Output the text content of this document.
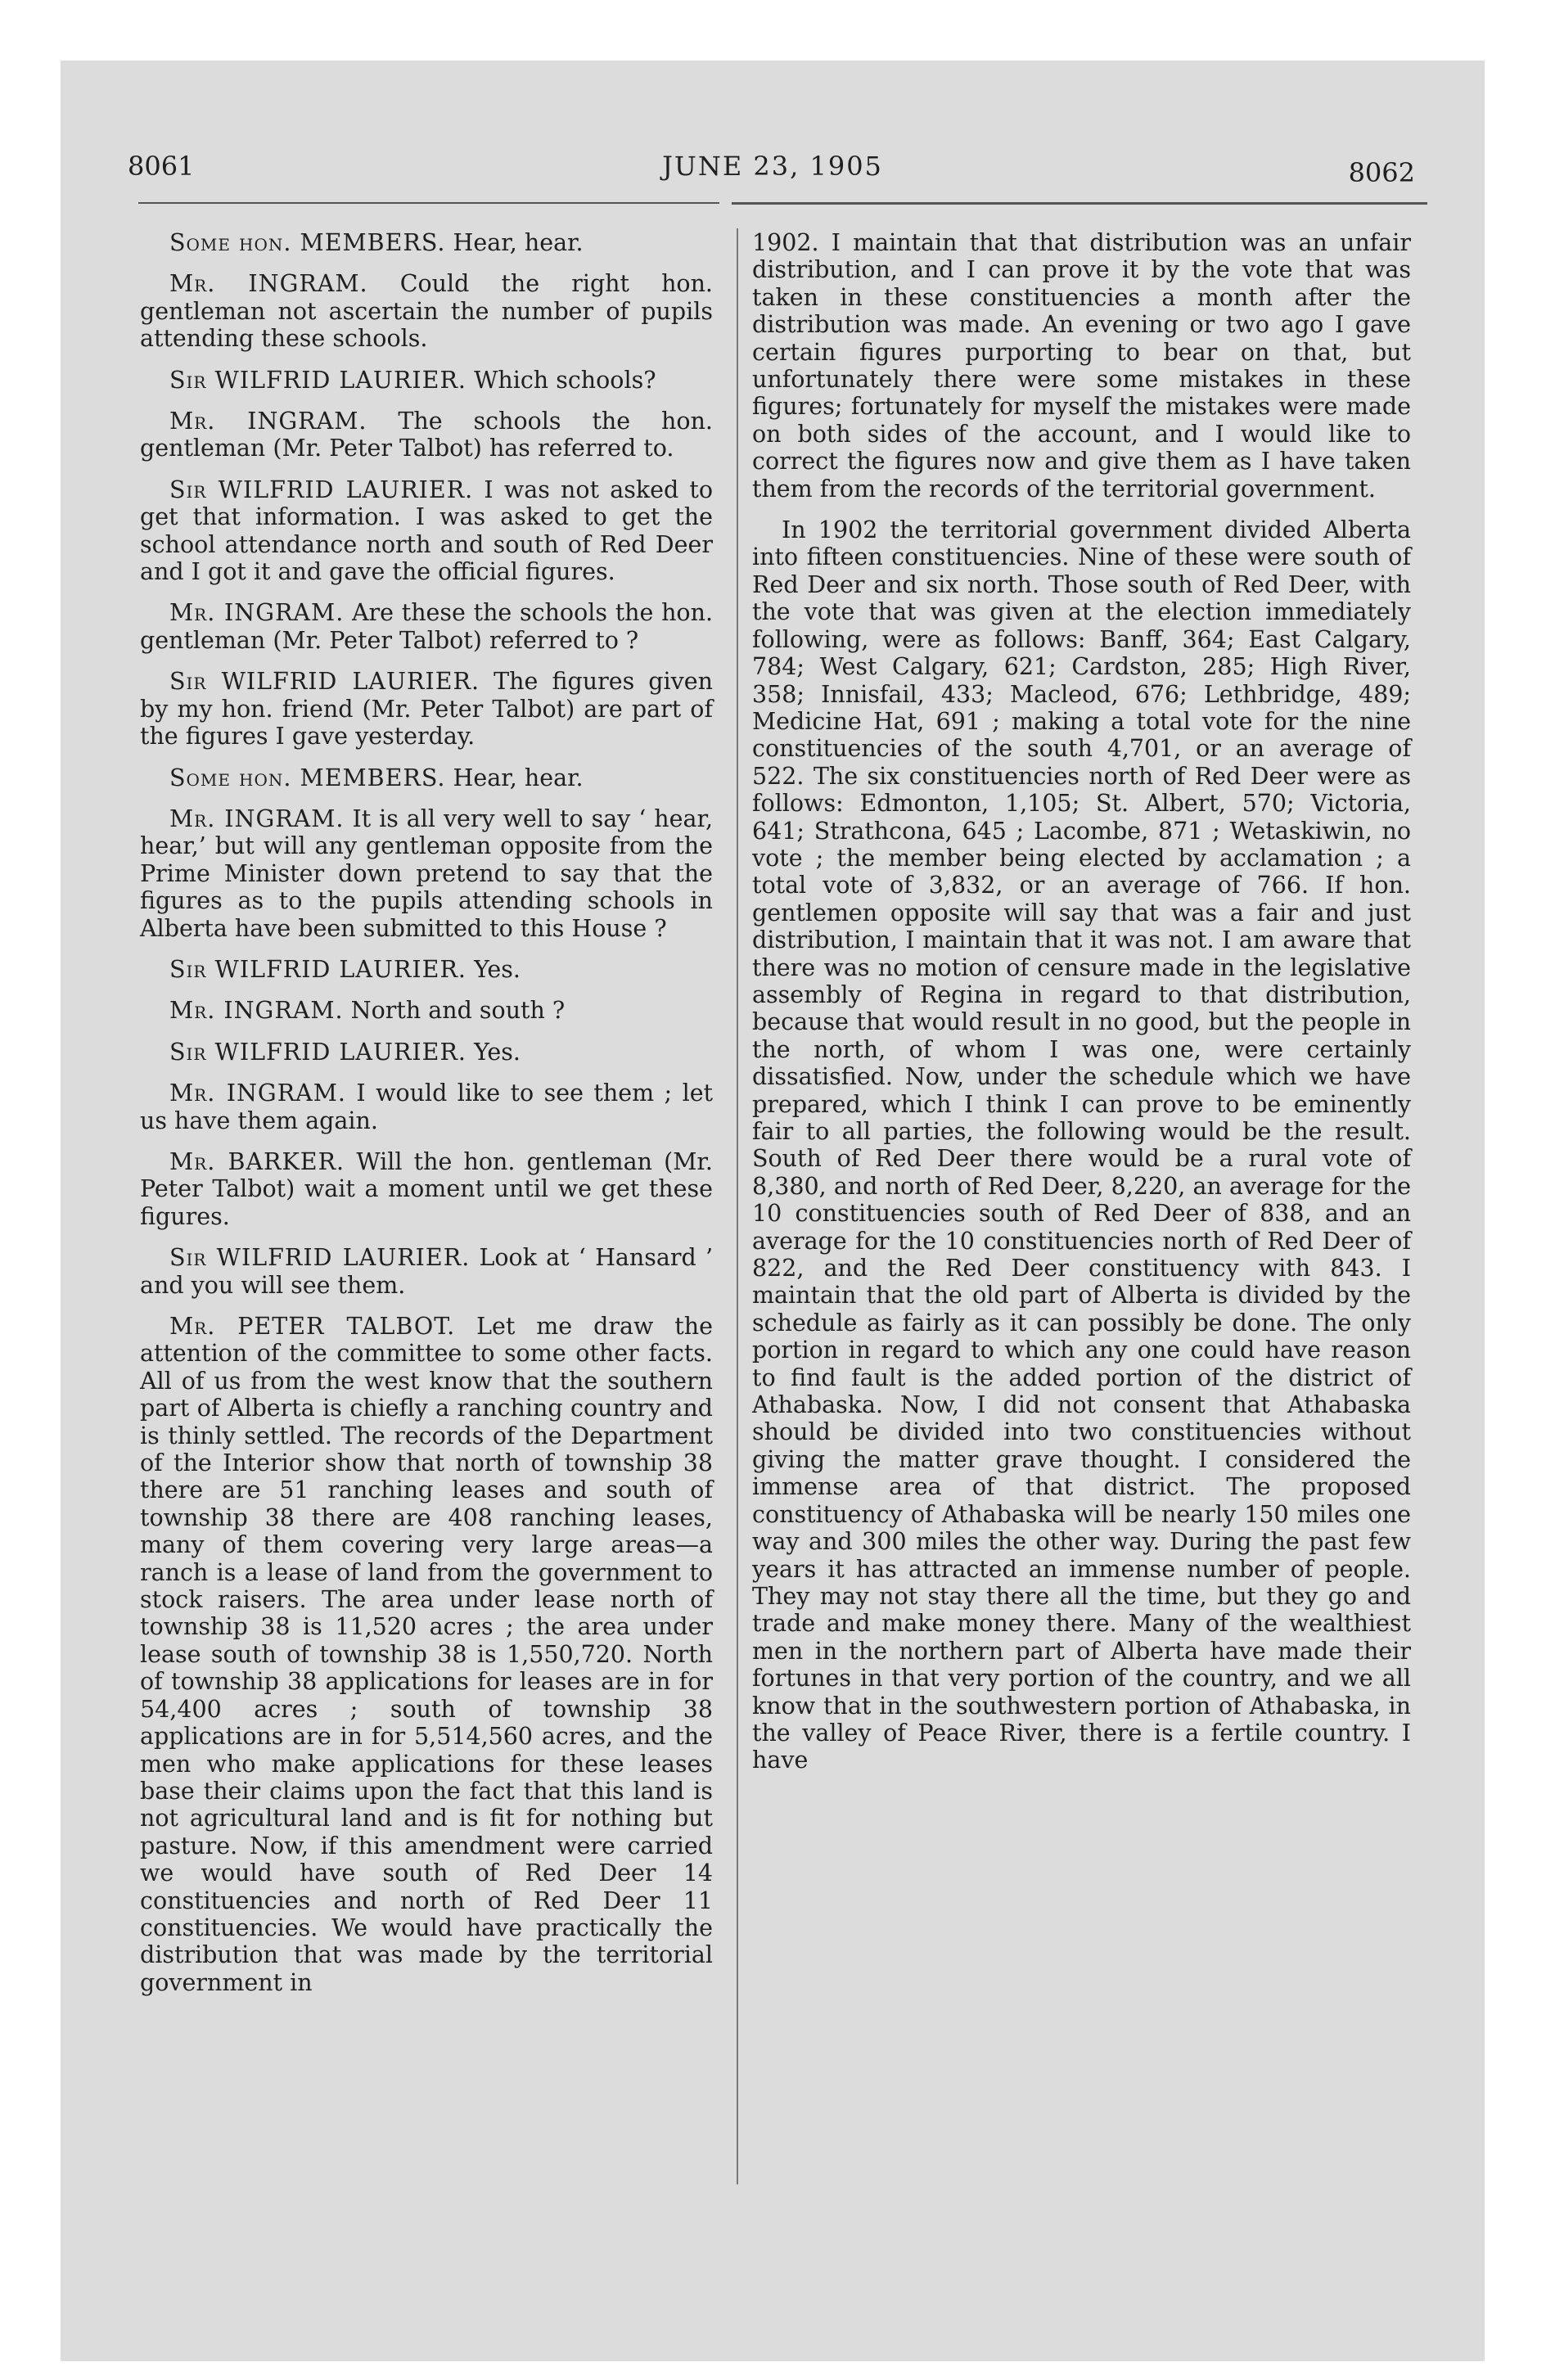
8061	JUNE 23, 1905	8062

Some hon. MEMBERS. Hear, hear.

Mr. INGRAM. Could the right hon. gentleman not ascertain the number of pupils attending these schools.

Sir WILFRID LAURIER. Which schools?

Mr. INGRAM. The schools the hon. gentleman (Mr. Peter Talbot) has referred to.

Sir WILFRID LAURIER. I was not asked to get that information. I was asked to get the school attendance north and south of Red Deer and I got it and gave the official figures.

Mr. INGRAM. Are these the schools the hon. gentleman (Mr. Peter Talbot) referred to ?

Sir WILFRID LAURIER. The figures given by my hon. friend (Mr. Peter Talbot) are part of the figures I gave yesterday.

Some hon. MEMBERS. Hear, hear.

Mr. INGRAM. It is all very well to say ‘ hear, hear,’ but will any gentleman opposite from the Prime Minister down pretend to say that the figures as to the pupils attending schools in Alberta have been submitted to this House ?

Sir WILFRID LAURIER. Yes.

Mr. INGRAM. North and south ?

Sir WILFRID LAURIER. Yes.

Mr. INGRAM. I would like to see them ; let us have them again.

Mr. BARKER. Will the hon. gentleman (Mr. Peter Talbot) wait a moment until we get these figures.

Sir WILFRID LAURIER. Look at ‘ Hansard ’ and you will see them.

Mr. PETER TALBOT. Let me draw the attention of the committee to some other facts. All of us from the west know that the southern part of Alberta is chiefly a ranching country and is thinly settled. The records of the Department of the Interior show that north of township 38 there are 51 ranching leases and south of township 38 there are 408 ranching leases, many of them covering very large areas—a ranch is a lease of land from the government to stock raisers. The area under lease north of township 38 is 11,520 acres ; the area under lease south of township 38 is 1,550,720. North of township 38 applications for leases are in for 54,400 acres ; south of township 38 applications are in for 5,514,560 acres, and the men who make applications for these leases base their claims upon the fact that this land is not agricultural land and is fit for nothing but pasture. Now, if this amendment were carried we would have south of Red Deer 14 constituencies and north of Red Deer 11 constituencies. We would have practically the distribution that was made by the territorial government in

1902. I maintain that that distribution was an unfair distribution, and I can prove it by the vote that was taken in these constituencies a month after the distribution was made. An evening or two ago I gave certain figures purporting to bear on that, but unfortunately there were some mistakes in these figures; fortunately for myself the mistakes were made on both sides of the account, and I would like to correct the figures now and give them as I have taken them from the records of the territorial government.

In 1902 the territorial government divided Alberta into fifteen constituencies. Nine of these were south of Red Deer and six north. Those south of Red Deer, with the vote that was given at the election immediately following, were as follows: Banff, 364; East Calgary, 784; West Calgary, 621; Cardston, 285; High River, 358; Innisfail, 433; Macleod, 676; Lethbridge, 489; Medicine Hat, 691 ; making a total vote for the nine constituencies of the south 4,701, or an average of 522. The six constituencies north of Red Deer were as follows: Edmonton, 1,105; St. Albert, 570; Victoria, 641; Strathcona, 645 ; Lacombe, 871 ; Wetaskiwin, no vote ; the member being elected by acclamation ; a total vote of 3,832, or an average of 766. If hon. gentlemen opposite will say that was a fair and just distribution, I maintain that it was not. I am aware that there was no motion of censure made in the legislative assembly of Regina in regard to that distribution, because that would result in no good, but the people in the north, of whom I was one, were certainly dissatisfied. Now, under the schedule which we have prepared, which I think I can prove to be eminently fair to all parties, the following would be the result. South of Red Deer there would be a rural vote of 8,380, and north of Red Deer, 8,220, an average for the 10 constituencies south of Red Deer of 838, and an average for the 10 constituencies north of Red Deer of 822, and the Red Deer constituency with 843. I maintain that the old part of Alberta is divided by the schedule as fairly as it can possibly be done. The only portion in regard to which any one could have reason to find fault is the added portion of the district of Athabaska. Now, I did not consent that Athabaska should be divided into two constituencies without giving the matter grave thought. I considered the immense area of that district. The proposed constituency of Athabaska will be nearly 150 miles one way and 300 miles the other way. During the past few years it has attracted an immense number of people. They may not stay there all the time, but they go and trade and make money there. Many of the wealthiest men in the northern part of Alberta have made their fortunes in that very portion of the country, and we all know that in the southwestern portion of Athabaska, in the valley of Peace River, there is a fertile country. I have
